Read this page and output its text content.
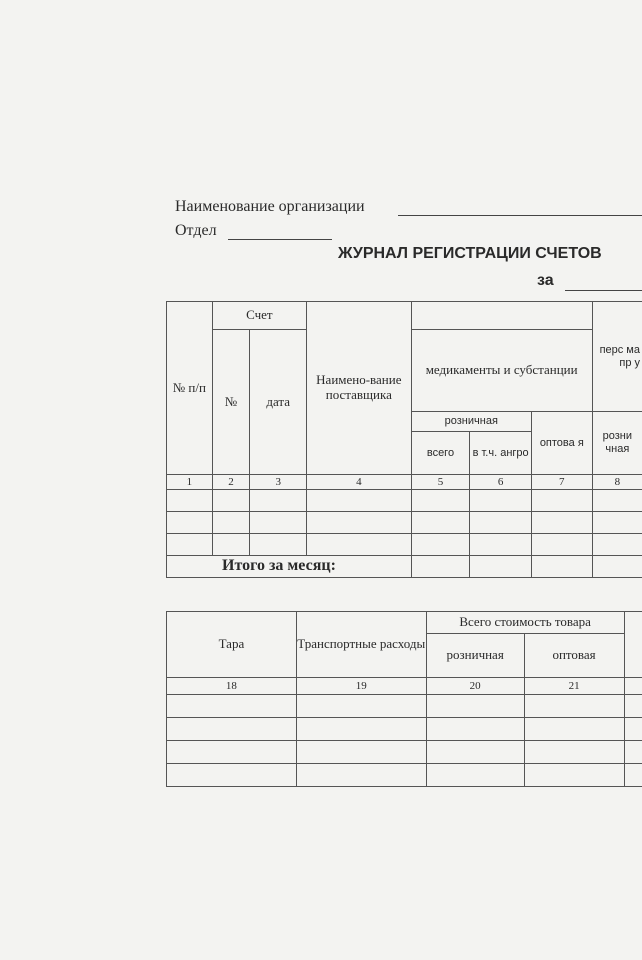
Наименование организации
Отдел
ЖУРНАЛ РЕГИСТРАЦИИ СЧЕТОВ
за
№ п/п	Счет		Наимено-вание поставщика				перс ма пр у
	№	дата		медикаменты и субстанции			
				розничная		оптова я	розни чная
				всего	в т.ч. ангро		
1	2	3	4	5	6	7	8

Итого за месяц:							
Тара	Транспортные расходы	Всего стоимость товара		
		розничная	оптовая	
18	19	20	21	
